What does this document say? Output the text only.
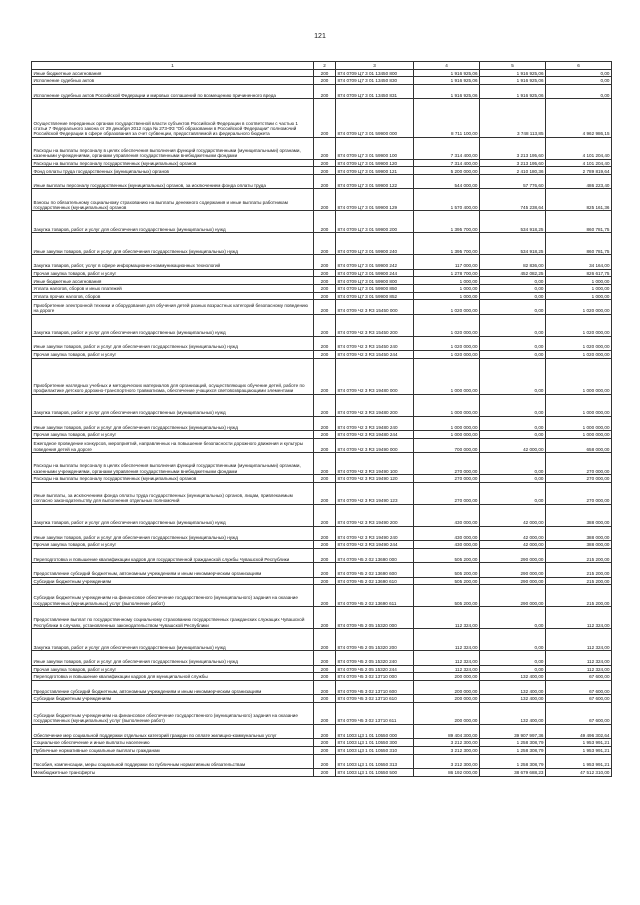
121
1	2	3	4	5	6
Иные бюджетные ассигнования	200	874 0709 Ц7 3 01 13450 800	1 916 925,06	1 916 925,06	0,00
Исполнение судебных актов	200	874 0709 Ц7 3 01 13450 830	1 916 925,06	1 916 925,06	0,00
Исполнение судебных актов Российской Федерации и мировых соглашений по возмещению причиненного вреда	200	874 0709 Ц7 3 01 13450 831	1 916 925,06	1 916 925,06	0,00
Осуществление переданных органам государственной власти субъектов Российской Федерации в соответствии с частью 1 статьи 7 Федерального закона от 29 декабря 2012 года № 273-ФЗ "Об образовании в Российской Федерации" полномочий Российской Федерации в сфере образования за счет субвенции, предоставляемой из федерального бюджета	200	874 0709 Ц7 3 01 59900 000	8 711 100,00	3 748 113,85	4 962 986,15
Расходы на выплаты персоналу в целях обеспечения выполнения функций государственными (муниципальными) органами, казенными учреждениями, органами управления государственными внебюджетными фондами	200	874 0709 Ц7 3 01 59900 100	7 314 400,00	3 213 195,60	4 101 204,40
Расходы на выплаты персоналу государственных (муниципальных) органов	200	874 0709 Ц7 3 01 59900 120	7 314 400,00	3 213 195,60	4 101 204,40
Фонд оплаты труда государственных (муниципальных) органов	200	874 0709 Ц7 3 01 59900 121	5 200 000,00	2 410 180,36	2 789 819,64
Иные выплаты персоналу государственных (муниципальных) органов, за исключением фонда оплаты труда	200	874 0709 Ц7 3 01 59900 122	544 000,00	57 776,60	486 223,40
Взносы по обязательному социальному страхованию на выплаты денежного содержания и иные выплаты работникам государственных (муниципальных) органов	200	874 0709 Ц7 3 01 59900 129	1 570 400,00	745 238,64	825 161,36
Закупка товаров, работ и услуг для обеспечения государственных (муниципальных) нужд	200	874 0709 Ц7 3 01 59900 200	1 395 700,00	534 918,25	860 781,75
Иные закупки товаров, работ и услуг для обеспечения государственных (муниципальных) нужд	200	874 0709 Ц7 3 01 59900 240	1 395 700,00	534 918,25	860 781,75
Закупка товаров, работ, услуг в сфере информационно-коммуникационных технологий	200	874 0709 Ц7 3 01 59900 242	117 000,00	82 836,00	34 164,00
Прочая закупка товаров, работ и услуг	200	874 0709 Ц7 3 01 59900 244	1 278 700,00	452 082,25	826 617,75
Иные бюджетные ассигнования	200	874 0709 Ц7 3 01 59900 800	1 000,00	0,00	1 000,00
Уплата налогов, сборов и иных платежей	200	874 0709 Ц7 3 01 59900 850	1 000,00	0,00	1 000,00
Уплата прочих налогов, сборов	200	874 0709 Ц7 3 01 59900 852	1 000,00	0,00	1 000,00
Приобретение электронной техники и оборудования для обучения детей разных возрастных категорий безопасному поведению на дороге	200	874 0709 Ч2 3 R3 15450 000	1 020 000,00	0,00	1 020 000,00
Закупка товаров, работ и услуг для обеспечения государственных (муниципальных) нужд	200	874 0709 Ч2 3 R3 15450 200	1 020 000,00	0,00	1 020 000,00
Иные закупки товаров, работ и услуг для обеспечения государственных (муниципальных) нужд	200	874 0709 Ч2 3 R3 15450 240	1 020 000,00	0,00	1 020 000,00
Прочая закупка товаров, работ и услуг	200	874 0709 Ч2 3 R3 15450 244	1 020 000,00	0,00	1 020 000,00
Приобретение наглядных учебных и методических материалов для организаций, осуществляющих обучение детей, работе по профилактике детского дорожно-транспортного травматизма, обеспечение учащихся световозвращающими элементами	200	874 0709 Ч2 3 R3 19480 000	1 000 000,00	0,00	1 000 000,00
Закупка товаров, работ и услуг для обеспечения государственных (муниципальных) нужд	200	874 0709 Ч2 3 R3 19480 200	1 000 000,00	0,00	1 000 000,00
Иные закупки товаров, работ и услуг для обеспечения государственных (муниципальных) нужд	200	874 0709 Ч2 3 R3 19480 240	1 000 000,00	0,00	1 000 000,00
Прочая закупка товаров, работ и услуг	200	874 0709 Ч2 3 R3 19480 244	1 000 000,00	0,00	1 000 000,00
Ежегодное проведение конкурсов, мероприятий, направленных на повышение безопасности дорожного движения и культуры поведения детей на дороге	200	874 0709 Ч2 3 R3 19490 000	700 000,00	42 000,00	658 000,00
Расходы на выплаты персоналу в целях обеспечения выполнения функций государственными (муниципальными) органами, казенными учреждениями, органами управления государственными внебюджетными фондами	200	874 0709 Ч2 3 R3 19490 100	270 000,00	0,00	270 000,00
Расходы на выплаты персоналу государственных (муниципальных) органов	200	874 0709 Ч2 3 R3 19490 120	270 000,00	0,00	270 000,00
Иные выплаты, за исключением фонда оплаты труда государственных (муниципальных) органов, лицам, привлекаемым согласно законодательству для выполнения отдельных полномочий	200	874 0709 Ч2 3 R3 19490 123	270 000,00	0,00	270 000,00
Закупка товаров, работ и услуг для обеспечения государственных (муниципальных) нужд	200	874 0709 Ч2 3 R3 19490 200	430 000,00	42 000,00	388 000,00
Иные закупки товаров, работ и услуг для обеспечения государственных (муниципальных) нужд	200	874 0709 Ч2 3 R3 19490 240	430 000,00	42 000,00	388 000,00
Прочая закупка товаров, работ и услуг	200	874 0709 Ч2 3 R3 19490 244	430 000,00	42 000,00	388 000,00
Переподготовка и повышение квалификации кадров для государственной гражданской службы Чувашской Республики	200	874 0709 Ч5 2 02 13690 000	505 200,00	290 000,00	215 200,00
Предоставление субсидий бюджетным, автономным учреждениям и иным некоммерческим организациям	200	874 0709 Ч5 2 02 13690 600	505 200,00	290 000,00	215 200,00
Субсидии бюджетным учреждениям	200	874 0709 Ч5 2 02 13690 610	505 200,00	290 000,00	215 200,00
Субсидии бюджетным учреждениям на финансовое обеспечение государственного (муниципального) задания на оказание государственных (муниципальных) услуг (выполнение работ)	200	874 0709 Ч5 2 02 13690 611	505 200,00	290 000,00	215 200,00
Предоставление выплат по государственному социальному страхованию государственных гражданских служащих Чувашской Республики в случаях, установленных законодательством Чувашской Республики	200	874 0709 Ч5 2 05 15320 000	112 324,00	0,00	112 324,00
Закупка товаров, работ и услуг для обеспечения государственных (муниципальных) нужд	200	874 0709 Ч5 2 05 15320 200	112 324,00	0,00	112 324,00
Иные закупки товаров, работ и услуг для обеспечения государственных (муниципальных) нужд	200	874 0709 Ч5 2 05 15320 240	112 324,00	0,00	112 324,00
Прочая закупка товаров, работ и услуг	200	874 0709 Ч5 2 05 15320 244	112 324,00	0,00	112 324,00
Переподготовка и повышение квалификации кадров для муниципальной службы	200	874 0709 Ч5 3 02 13710 000	200 000,00	132 400,00	67 600,00
Предоставление субсидий бюджетным, автономным учреждениям и иным некоммерческим организациям	200	874 0709 Ч5 3 02 13710 600	200 000,00	132 400,00	67 600,00
Субсидии бюджетным учреждениям	200	874 0709 Ч5 3 02 13710 610	200 000,00	132 400,00	67 600,00
Субсидии бюджетным учреждениям на финансовое обеспечение государственного (муниципального) задания на оказание государственных (муниципальных) услуг (выполнение работ)	200	874 0709 Ч5 3 02 13710 611	200 000,00	132 400,00	67 600,00
Обеспечение мер социальной поддержки отдельных категорий граждан по оплате жилищно-коммунальных услуг	200	874 1003 Ц3 1 01 10550 000	89 404 300,00	39 907 997,36	49 496 302,64
Социальное обеспечение и иные выплаты населению	200	874 1003 Ц3 1 01 10550 300	3 212 300,00	1 258 308,79	1 953 991,21
Публичные нормативные социальные выплаты гражданам	200	874 1003 Ц3 1 01 10550 310	3 212 300,00	1 258 308,79	1 953 991,21
Пособия, компенсации, меры социальной поддержки по публичным нормативным обязательствам	200	874 1003 Ц3 1 01 10550 313	3 212 300,00	1 258 308,79	1 953 991,21
Межбюджетные трансферты	200	874 1003 Ц3 1 01 10550 500	86 192 000,00	38 679 688,23	47 512 310,00
